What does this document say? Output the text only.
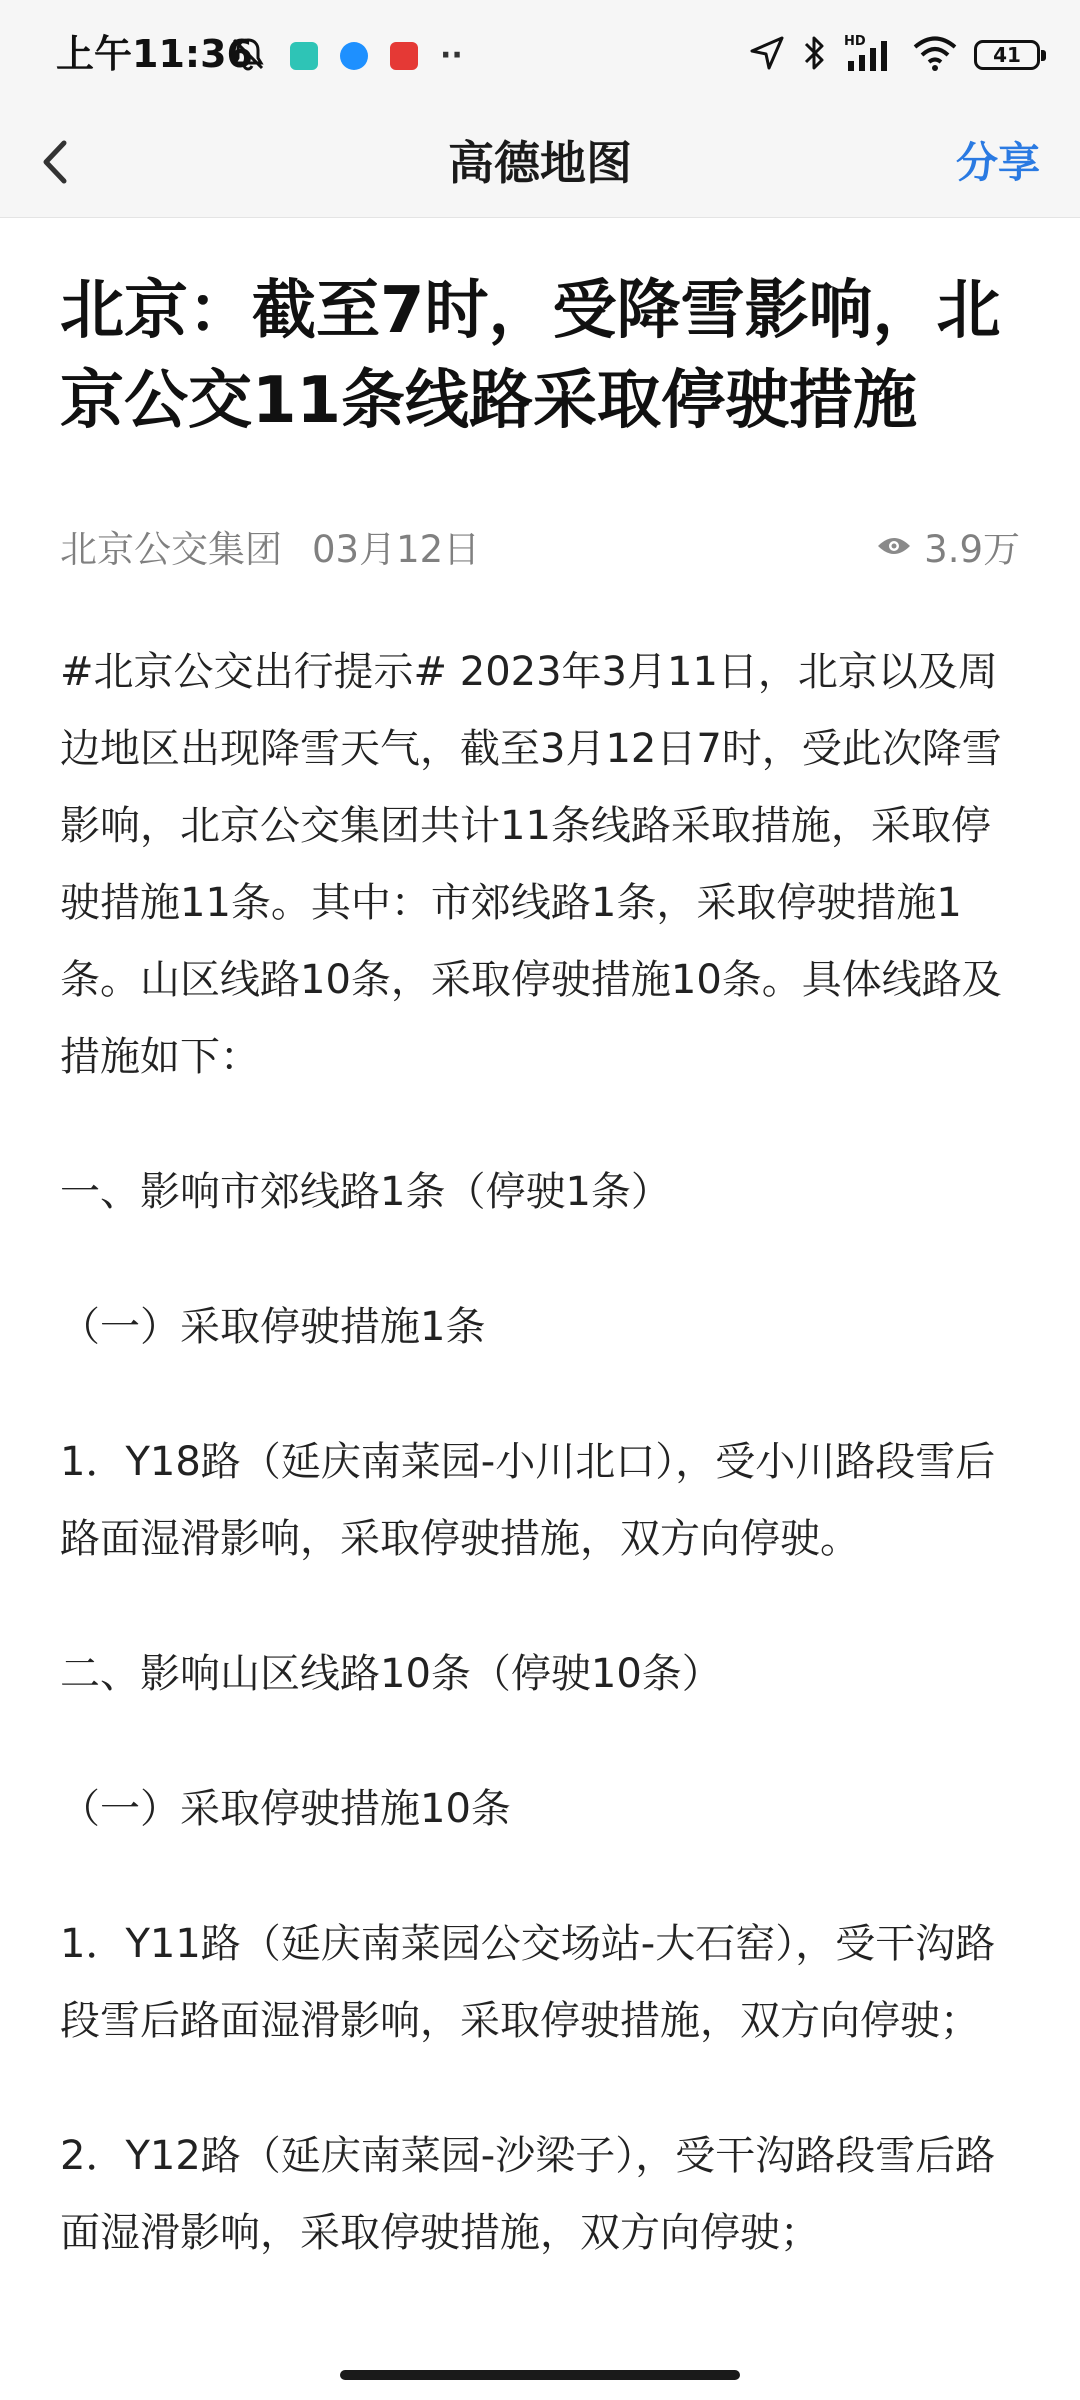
上午11:36	··	HD
41
高德地图	分享
北京：截至7时，受降雪影响，北京公交11条线路采取停驶措施
北京公交集团 03月12日	3.9万

#北京公交出行提示# 2023年3月11日，北京以及周边地区出现降雪天气，截至3月12日7时，受此次降雪影响，北京公交集团共计11条线路采取措施，采取停驶措施11条。其中：市郊线路1条，采取停驶措施1条。山区线路10条，采取停驶措施10条。具体线路及措施如下：

一、影响市郊线路1条（停驶1条）

（一）采取停驶措施1条

1．Y18路（延庆南菜园-小川北口），受小川路段雪后路面湿滑影响，采取停驶措施，双方向停驶。

二、影响山区线路10条（停驶10条）

（一）采取停驶措施10条

1．Y11路（延庆南菜园公交场站-大石窑），受干沟路段雪后路面湿滑影响，采取停驶措施，双方向停驶；

2．Y12路（延庆南菜园-沙梁子），受干沟路段雪后路面湿滑影响，采取停驶措施，双方向停驶；
